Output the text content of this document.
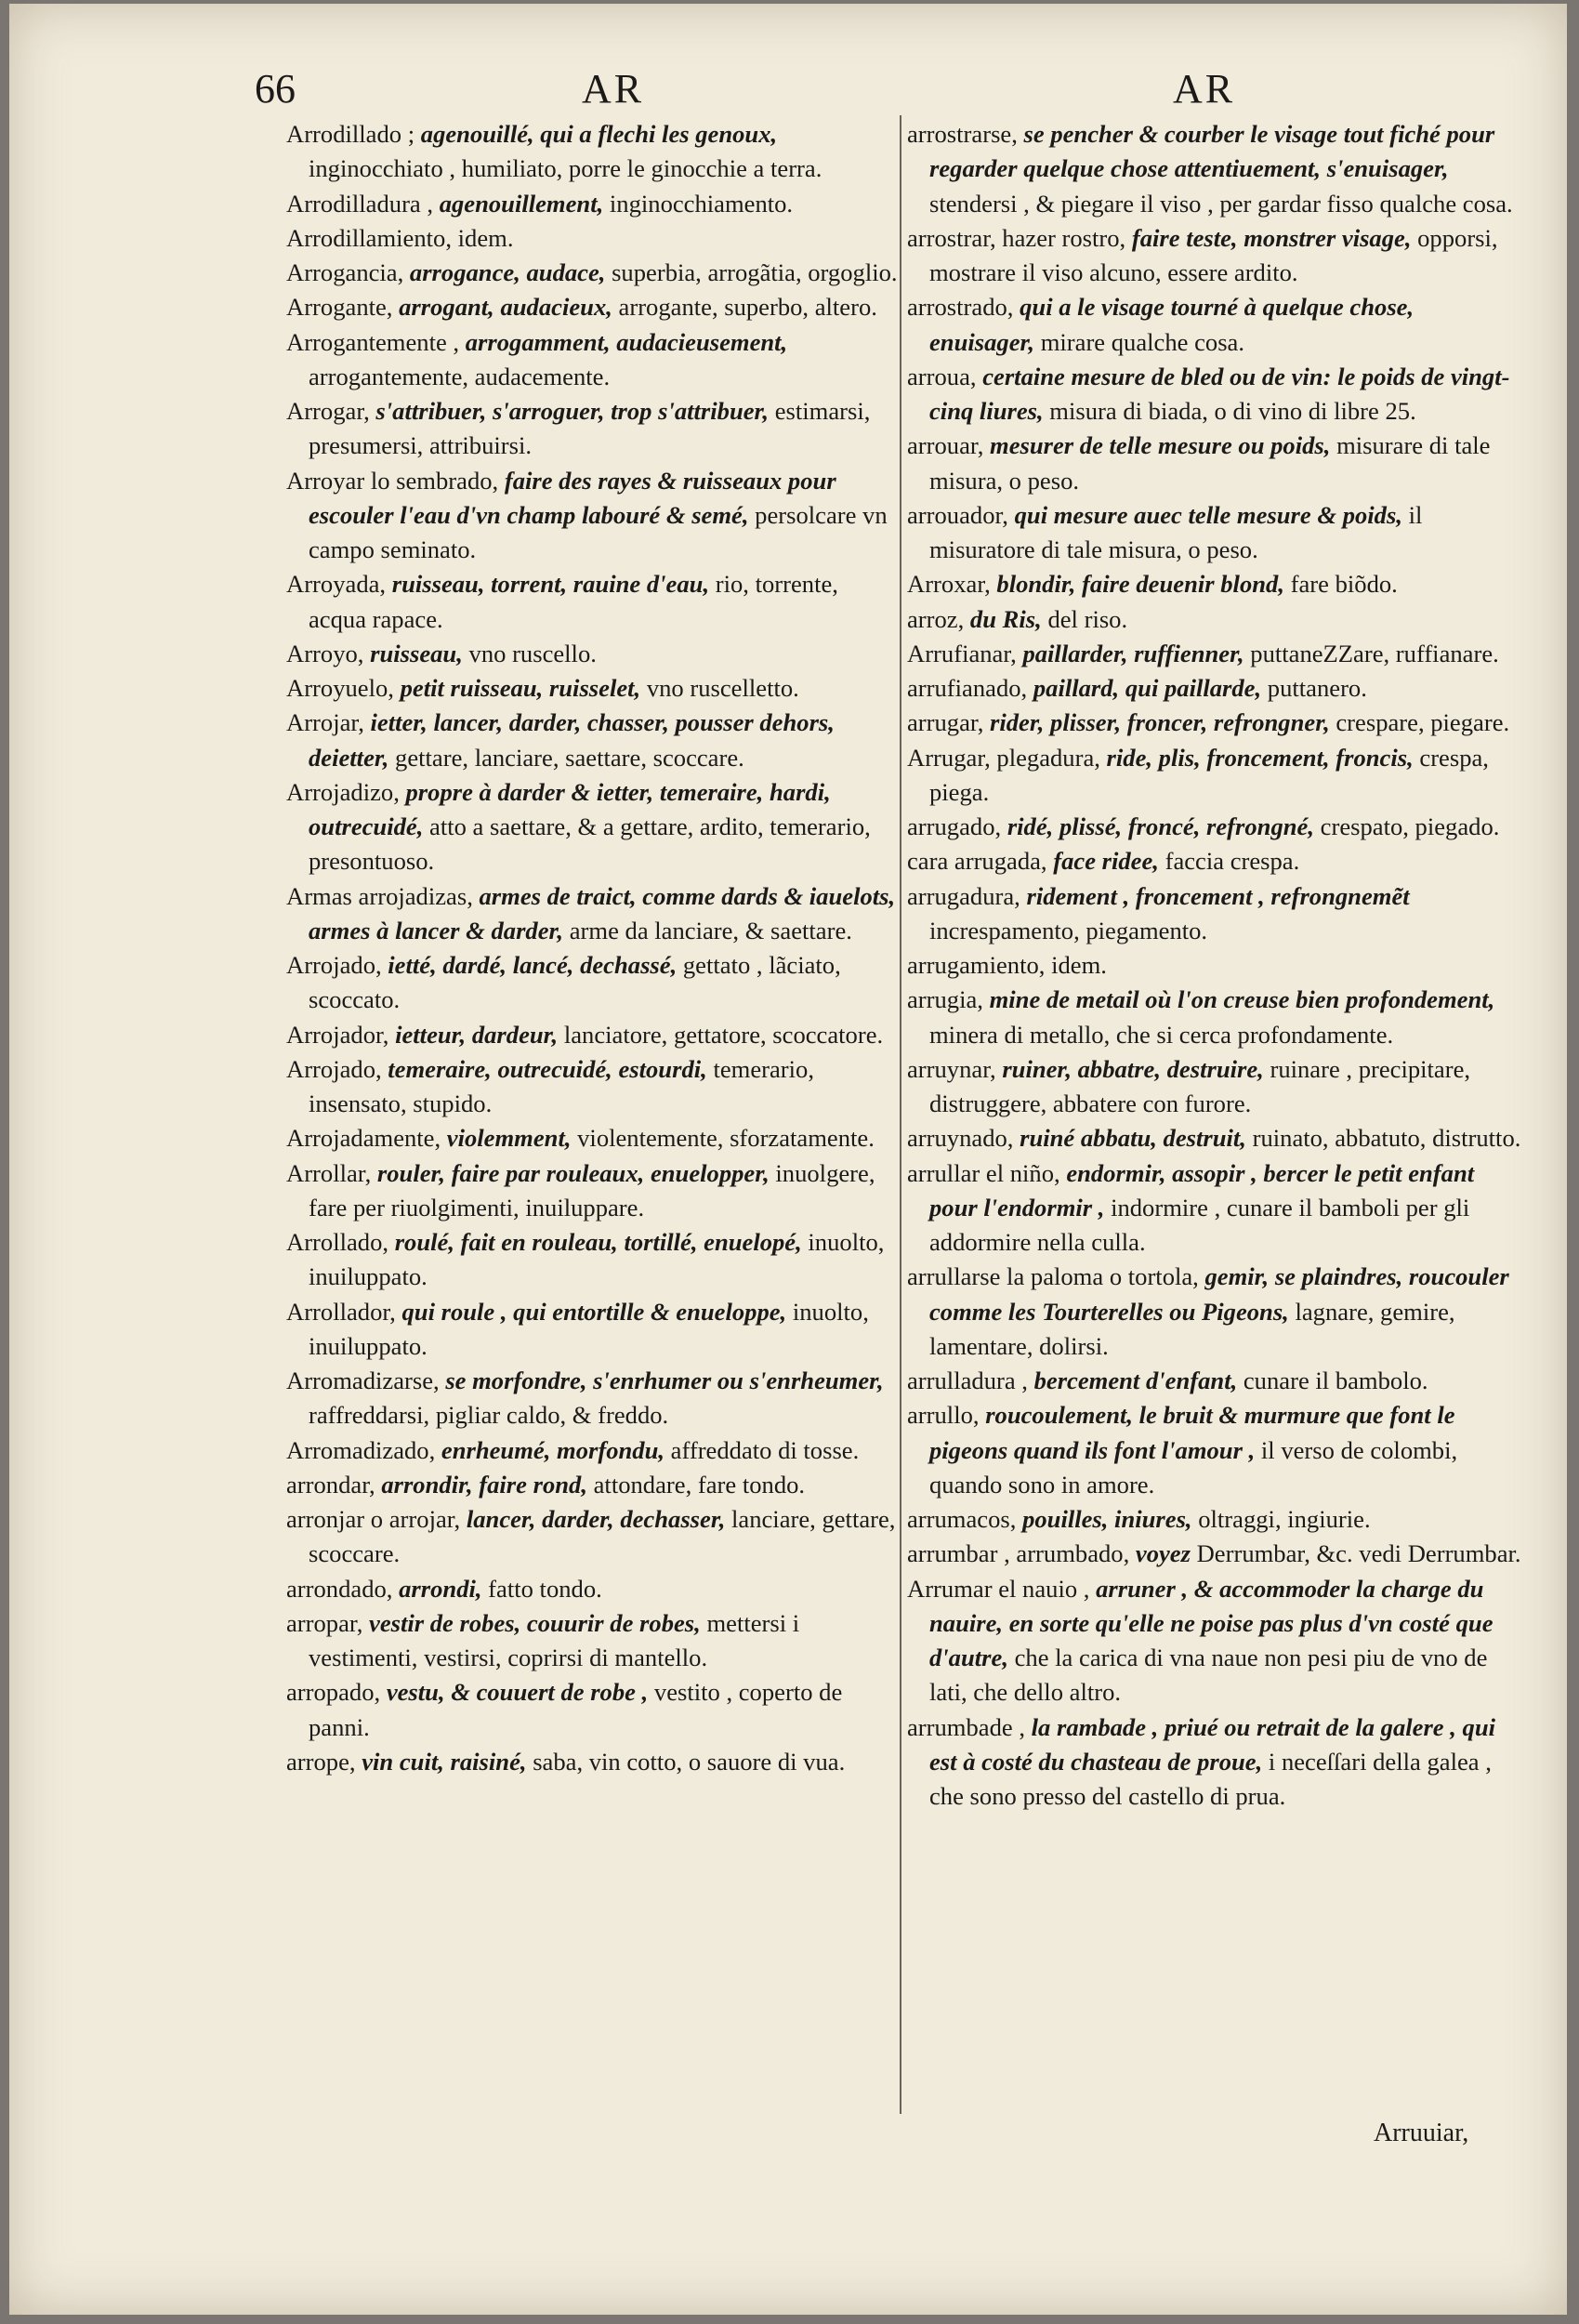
66	AR	AR

Arrodillado ; agenouillé, qui a flechi les genoux, inginocchiato , humiliato, porre le ginocchie a terra.

Arrodilladura , agenouillement, inginocchiamento.

Arrodillamiento, idem.

Arrogancia, arrogance, audace, superbia, arrogãtia, orgoglio.

Arrogante, arrogant, audacieux, arrogante, superbo, altero.

Arrogantemente , arrogamment, audacieusement, arrogantemente, audacemente.

Arrogar, s'attribuer, s'arroguer, trop s'attribuer, estimarsi, presumersi, attribuirsi.

Arroyar lo sembrado, faire des rayes & ruisseaux pour escouler l'eau d'vn champ labouré & semé, persolcare vn campo seminato.

Arroyada, ruisseau, torrent, rauine d'eau, rio, torrente, acqua rapace.

Arroyo, ruisseau, vno ruscello.

Arroyuelo, petit ruisseau, ruisselet, vno ruscelletto.

Arrojar, ietter, lancer, darder, chasser, pousser dehors, deietter, gettare, lanciare, saettare, scoccare.

Arrojadizo, propre à darder & ietter, temeraire, hardi, outrecuidé, atto a saettare, & a gettare, ardito, temerario, presontuoso.

Armas arrojadizas, armes de traict, comme dards & iauelots, armes à lancer & darder, arme da lanciare, & saettare.

Arrojado, ietté, dardé, lancé, dechassé, gettato , lãciato, scoccato.

Arrojador, ietteur, dardeur, lanciatore, gettatore, scoccatore.

Arrojado, temeraire, outrecuidé, estourdi, temerario, insensato, stupido.

Arrojadamente, violemment, violentemente, sforzatamente.

Arrollar, rouler, faire par rouleaux, enuelopper, inuolgere, fare per riuolgimenti, inuiluppare.

Arrollado, roulé, fait en rouleau, tortillé, enuelopé, inuolto, inuiluppato.

Arrollador, qui roule , qui entortille & enueloppe, inuolto, inuiluppato.

Arromadizarse, se morfondre, s'enrhumer ou s'enrheumer, raffreddarsi, pigliar caldo, & freddo.

Arromadizado, enrheumé, morfondu, affreddato di tosse.

arrondar, arrondir, faire rond, attondare, fare tondo.

arronjar o arrojar, lancer, darder, dechasser, lanciare, gettare, scoccare.

arrondado, arrondi, fatto tondo.

arropar, vestir de robes, couurir de robes, mettersi i vestimenti, vestirsi, coprirsi di mantello.

arropado, vestu, & couuert de robe , vestito , coperto de panni.

arrope, vin cuit, raisiné, saba, vin cotto, o sauore di vua.

arrostrarse, se pencher & courber le visage tout fiché pour regarder quelque chose attentiuement, s'enuisager, stendersi , & piegare il viso , per gardar fisso qualche cosa.

arrostrar, hazer rostro, faire teste, monstrer visage, opporsi, mostrare il viso alcuno, essere ardito.

arrostrado, qui a le visage tourné à quelque chose, enuisager, mirare qualche cosa.

arroua, certaine mesure de bled ou de vin: le poids de vingt-cinq liures, misura di biada, o di vino di libre 25.

arrouar, mesurer de telle mesure ou poids, misurare di tale misura, o peso.

arrouador, qui mesure auec telle mesure & poids, il misuratore di tale misura, o peso.

Arroxar, blondir, faire deuenir blond, fare biõdo.

arroz, du Ris, del riso.

Arrufianar, paillarder, ruffienner, puttaneZZare, ruffianare.

arrufianado, paillard, qui paillarde, puttanero.

arrugar, rider, plisser, froncer, refrongner, crespare, piegare.

Arrugar, plegadura, ride, plis, froncement, froncis, crespa, piega.

arrugado, ridé, plissé, froncé, refrongné, crespato, piegado.

cara arrugada, face ridee, faccia crespa.

arrugadura, ridement , froncement , refrongnemẽt increspamento, piegamento.

arrugamiento, idem.

arrugia, mine de metail où l'on creuse bien profondement, minera di metallo, che si cerca profondamente.

arruynar, ruiner, abbatre, destruire, ruinare , precipitare, distruggere, abbatere con furore.

arruynado, ruiné abbatu, destruit, ruinato, abbatuto, distrutto.

arrullar el niño, endormir, assopir , bercer le petit enfant pour l'endormir , indormire , cunare il bamboli per gli addormire nella culla.

arrullarse la paloma o tortola, gemir, se plaindres, roucouler comme les Tourterelles ou Pigeons, lagnare, gemire, lamentare, dolirsi.

arrulladura , bercement d'enfant, cunare il bambolo.

arrullo, roucoulement, le bruit & murmure que font le pigeons quand ils font l'amour , il verso de colombi, quando sono in amore.

arrumacos, pouilles, iniures, oltraggi, ingiurie.

arrumbar , arrumbado, voyez Derrumbar, &c. vedi Derrumbar.

Arrumar el nauio , arruner , & accommoder la charge du nauire, en sorte qu'elle ne poise pas plus d'vn costé que d'autre, che la carica di vna naue non pesi piu de vno de lati, che dello altro.

arrumbade , la rambade , priué ou retrait de la galere , qui est à costé du chasteau de proue, i neceſſari della galea , che sono presso del castello di prua.

Arruuiar,
